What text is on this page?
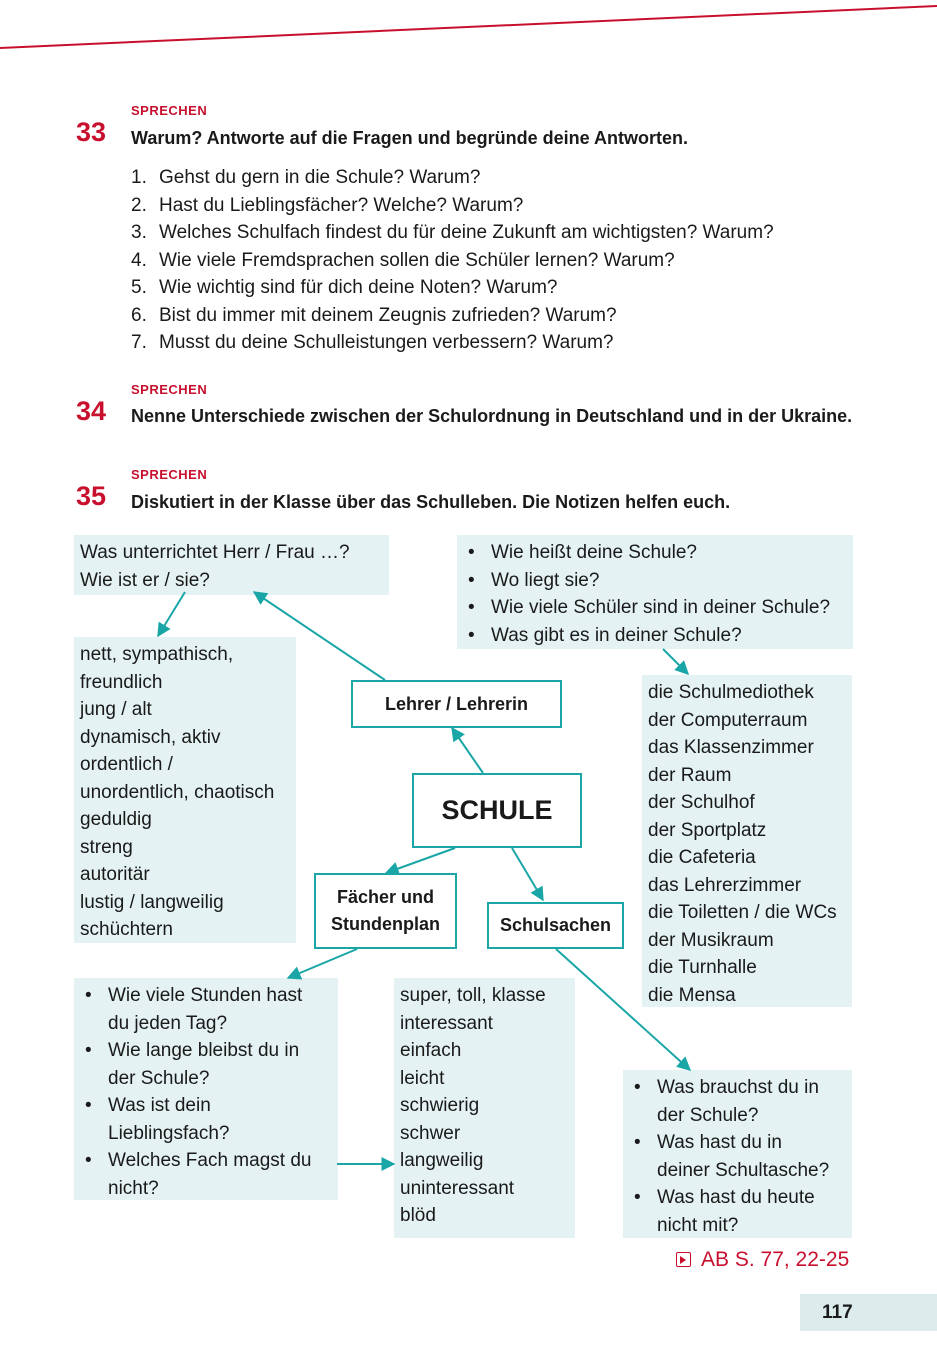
SPRECHEN
33 Warum? Antworte auf die Fragen und begründe deine Antworten.
1. Gehst du gern in die Schule? Warum?
2. Hast du Lieblingsfächer? Welche? Warum?
3. Welches Schulfach findest du für deine Zukunft am wichtigsten? Warum?
4. Wie viele Fremdsprachen sollen die Schüler lernen? Warum?
5. Wie wichtig sind für dich deine Noten? Warum?
6. Bist du immer mit deinem Zeugnis zufrieden? Warum?
7. Musst du deine Schulleistungen verbessern? Warum?
SPRECHEN
34 Nenne Unterschiede zwischen der Schulordnung in Deutschland und in der Ukraine.
SPRECHEN
35 Diskutiert in der Klasse über das Schulleben. Die Notizen helfen euch.
Was unterrichtet Herr / Frau …?
Wie ist er / sie?
• Wie heißt deine Schule?
• Wo liegt sie?
• Wie viele Schüler sind in deiner Schule?
• Was gibt es in deiner Schule?
nett, sympathisch,
freundlich
jung / alt
dynamisch, aktiv
ordentlich /
unordentlich, chaotisch
geduldig
streng
autoritär
lustig / langweilig
schüchtern
die Schulmediothek
der Computerraum
das Klassenzimmer
der Raum
der Schulhof
der Sportplatz
die Cafeteria
das Lehrerzimmer
die Toiletten / die WCs
der Musikraum
die Turnhalle
die Mensa
• Wie viele Stunden hast
du jeden Tag?
• Wie lange bleibst du in
der Schule?
• Was ist dein
Lieblingsfach?
• Welches Fach magst du
nicht?
super, toll, klasse
interessant
einfach
leicht
schwierig
schwer
langweilig
uninteressant
blöd
• Was brauchst du in
der Schule?
• Was hast du in
deiner Schultasche?
• Was hast du heute
nicht mit?
Lehrer / Lehrerin
SCHULE
Fächer und
Stundenplan	Schulsachen
AB S. 77, 22-25
117
